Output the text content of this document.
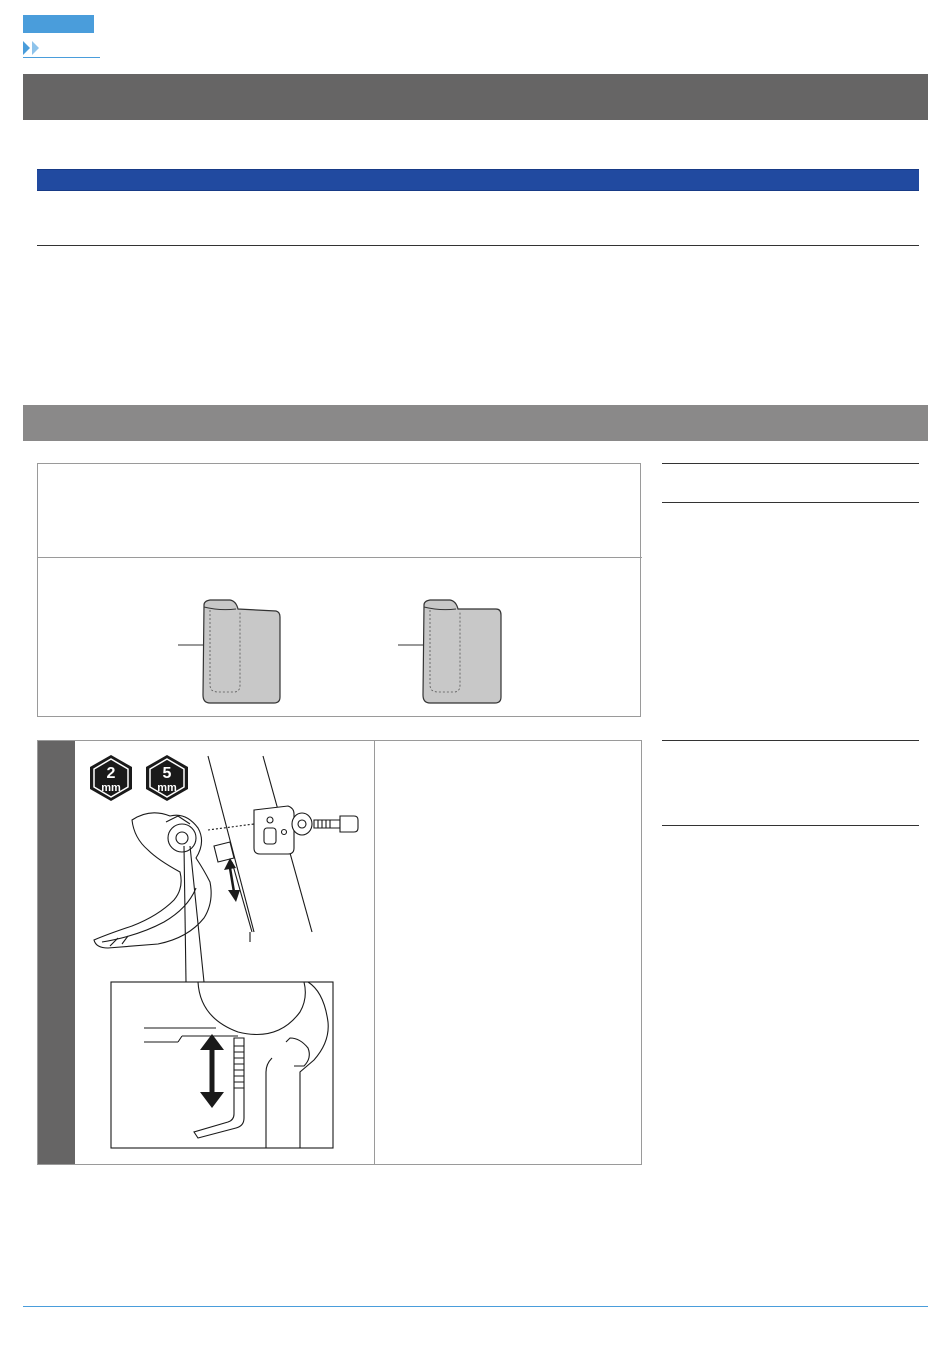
2
mm
5
mm
